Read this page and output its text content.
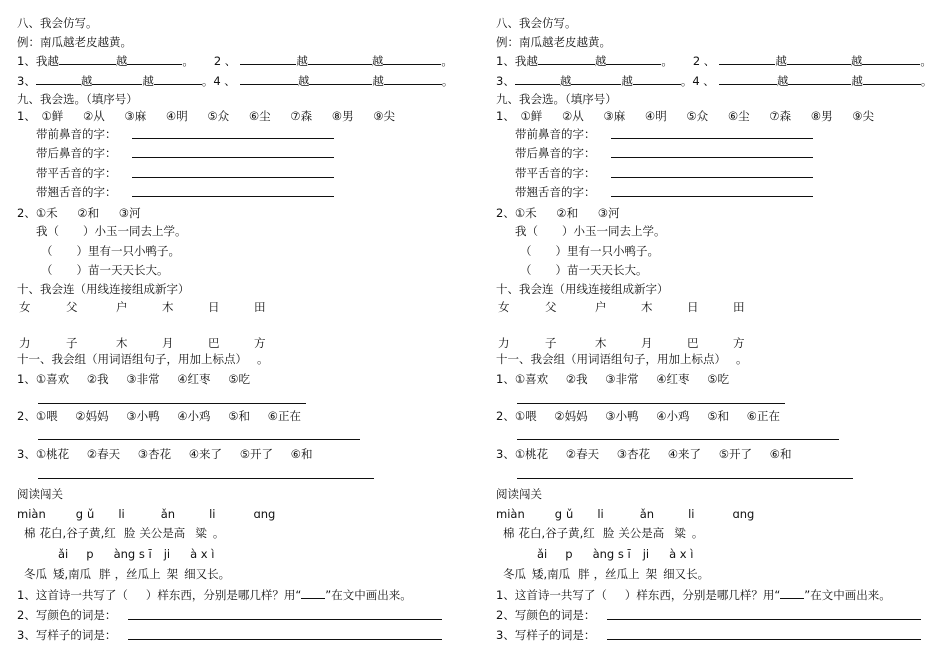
八、我会仿写。
例：南瓜越老皮越黄。
1、我越	越	。 2 、	越	越	。
3、	越	越	。4 、	越	越	。
九、我会选。（填序号）
1、 ①鲜 ②从 ③麻 ④明 ⑤众 ⑥尘 ⑦森 ⑧男 ⑨尖
带前鼻音的字：
带后鼻音的字：
带平舌音的字：
带翘舌音的字：
2、①禾 ②和 ③河
我（ ）小玉一同去上学。
（ ）里有一只小鸭子。
（ ）苗一天天长大。
十、我会连（用线连接组成新字）
女	父	户	木	日	田
力	子	木	月	巴	方
十一、我会组（用词语组句子，用加上标点） 。
1、①喜欢 ②我 ③非常 ④红枣 ⑤吃
2、①喂 ②妈妈 ③小鸭 ④小鸡 ⑤和 ⑥正在
3、①桃花 ②春天 ③杏花 ④来了 ⑤开了 ⑥和
阅读闯关
miàn	g ǔ li	ǎn	li	ɑng
棉 花白,谷子黄,红 脸 关公是高 粱 。
ǎi p àng s ī ji à x ì
冬瓜 矮,南瓜 胖 ，丝瓜上 架 细又长。
1、这首诗一共写了（ ）样东西，分别是哪几样？用“ ”在文中画出来。
2、写颜色的词是：
3、写样子的词是：
八、我会仿写。
例：南瓜越老皮越黄。
1、我越	越	。 2 、	越	越	。
3、	越	越	。4 、	越	越	。
九、我会选。（填序号）
1、 ①鲜 ②从 ③麻 ④明 ⑤众 ⑥尘 ⑦森 ⑧男 ⑨尖
带前鼻音的字：
带后鼻音的字：
带平舌音的字：
带翘舌音的字：
2、①禾 ②和 ③河
我（ ）小玉一同去上学。
（ ）里有一只小鸭子。
（ ）苗一天天长大。
十、我会连（用线连接组成新字）
女	父	户	木	日	田
力	子	木	月	巴	方
十一、我会组（用词语组句子，用加上标点） 。
1、①喜欢 ②我 ③非常 ④红枣 ⑤吃
2、①喂 ②妈妈 ③小鸭 ④小鸡 ⑤和 ⑥正在
3、①桃花 ②春天 ③杏花 ④来了 ⑤开了 ⑥和
阅读闯关
miàn	g ǔ li	ǎn	li	ɑng
棉 花白,谷子黄,红 脸 关公是高 粱 。
ǎi p àng s ī ji à x ì
冬瓜 矮,南瓜 胖 ，丝瓜上 架 细又长。
1、这首诗一共写了（ ）样东西，分别是哪几样？用“ ”在文中画出来。
2、写颜色的词是：
3、写样子的词是：
